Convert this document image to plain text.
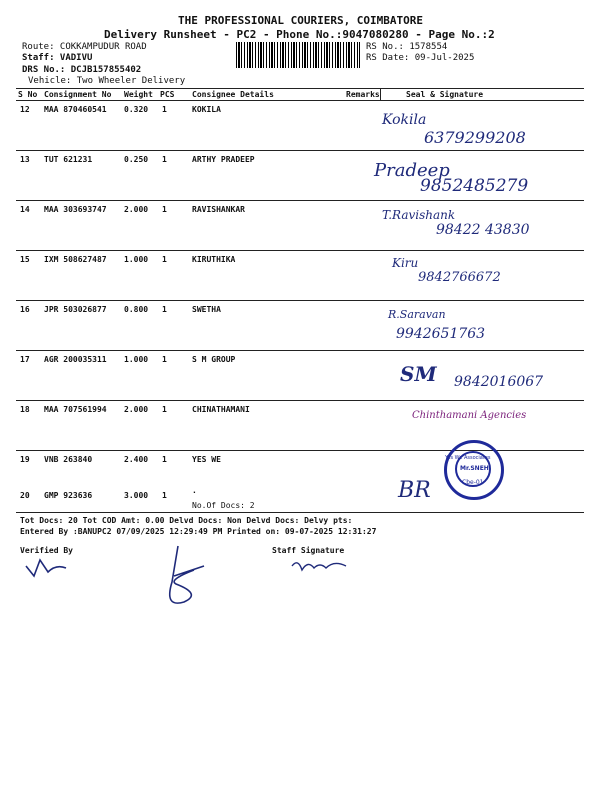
THE PROFESSIONAL COURIERS, COIMBATORE
Delivery Runsheet - PC2 - Phone No.:9047080280 - Page No.:2
Route: COKKAMPUDUR ROAD
Staff: VADIVU
DRS No.: DCJB157855402
Vehicle: Two Wheeler Delivery
RS No.: 1578554
RS Date: 09-Jul-2025
S No Consignment No Weight PCS Consignee Details	Remarks	Seal & Signature
12 MAA 870460541 0.320 1	KOKILA
13 TUT 621231	0.250 1	ARTHY PRADEEP
14 MAA 303693747 2.000 1	RAVISHANKAR
15 IXM 508627487 1.000 1	KIRUTHIKA
16 JPR 503026877 0.800 1	SWETHA
17 AGR 200035311 1.000 1	S M GROUP
18 MAA 707561994 2.000 1	CHINATHAMANI
19 VNB 263840	2.400 1	YES WE
20 GMP 923636	3.000 1
.
No.Of Docs: 2
Kokila
6379299208
Pradeep
9852485279
T.Ravishank
98422 43830
Kiru
9842766672
R.Saravan
9942651763
SM 9842016067
Chinthamani Agencies
BR
Yes We Associates
Mr.SNEH
Cbe-01
Tot Docs: 20 Tot COD Amt: 0.00 Delvd Docs: Non Delvd Docs: Delvy pts:
Entered By :BANUPC2 07/09/2025 12:29:49 PM Printed on: 09-07-2025 12:31:27
Verified By	Staff Signature
